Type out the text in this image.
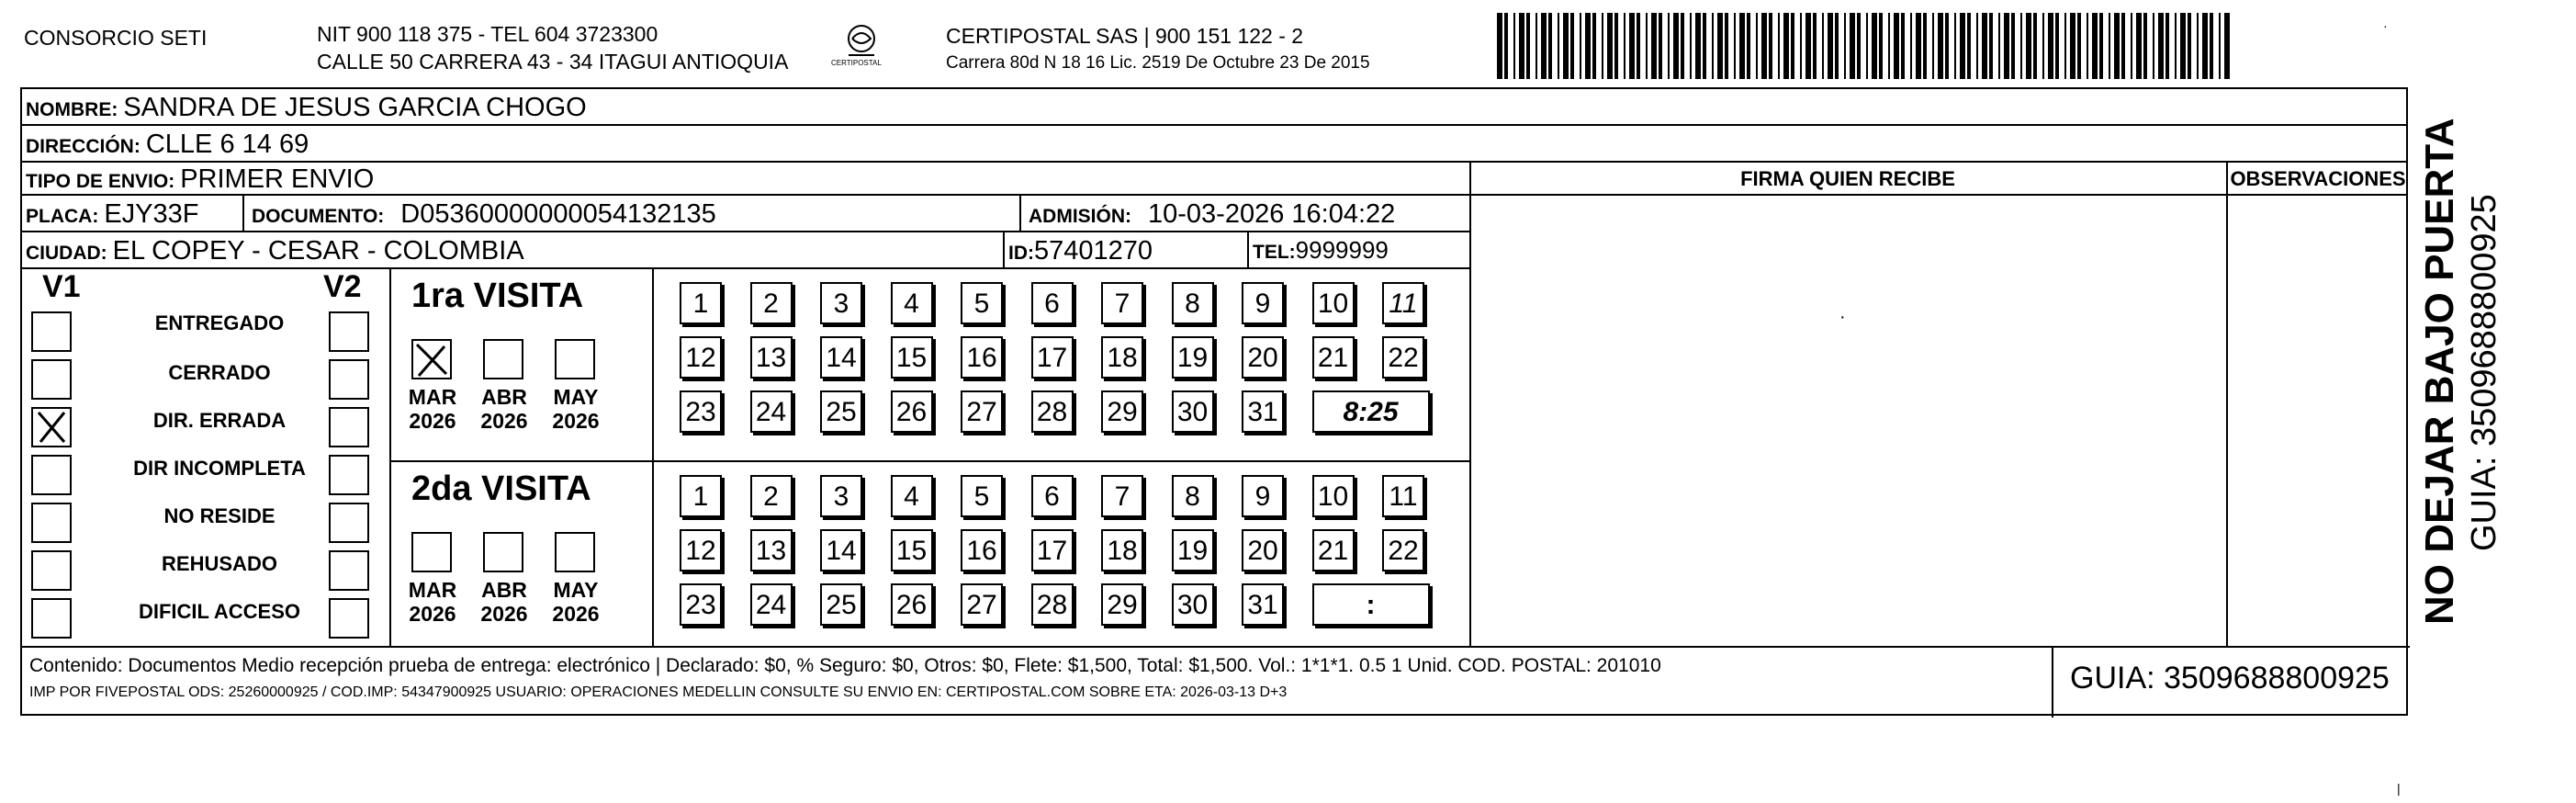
CONSORCIO SETI	NIT 900 118 375 - TEL 604 3723300
CALLE 50 CARRERA 43 - 34 ITAGUI ANTIOQUIA	CERTIPOSTAL
CERTIPOSTAL SAS | 900 151 122 - 2
Carrera 80d N 18 16 Lic. 2519 De Octubre 23 De 2015
·
NOMBRE: SANDRA DE JESUS GARCIA CHOGO
DIRECCIÓN: CLLE 6 14 69
TIPO DE ENVIO: PRIMER ENVIO	FIRMA QUIEN RECIBE	OBSERVACIONES
PLACA: EJY33F	DOCUMENTO: D05360000000054132135	ADMISIÓN: 10-03-2026 16:04:22
CIUDAD: EL COPEY - CESAR - COLOMBIA	ID:57401270	TEL:9999999
·
V1	V2
Contenido: Documentos Medio recepción prueba de entrega: electrónico | Declarado: $0, % Seguro: $0, Otros: $0, Flete: $1,500, Total: $1,500. Vol.: 1*1*1. 0.5 1 Unid. COD. POSTAL: 201010
IMP POR FIVEPOSTAL ODS: 25260000925 / COD.IMP: 54347900925 USUARIO: OPERACIONES MEDELLIN CONSULTE SU ENVIO EN: CERTIPOSTAL.COM SOBRE ETA: 2026-03-13 D+3	GUIA: 3509688800925
ENTREGADO
CERRADO
DIR. ERRADA
DIR INCOMPLETA
NO RESIDE
REHUSADO
DIFICIL ACCESO
1ra VISITA
MAR
2026
ABR
2026
MAY
2026
1	2	3	4	5	6	7	8	9	10 11
12 13 14 15 16 17 18 19 20 21 22
23 24 25 26 27 28 29 30 31	8:25
2da VISITA
MAR
2026
ABR
2026
MAY
2026
1	2	3	4	5	6	7	8	9	10 11
12 13 14 15 16 17 18 19 20 21 22
23 24 25 26 27 28 29 30 31	:	NO DEJAR BAJO PUERTA GUIA: 3509688800925
|
